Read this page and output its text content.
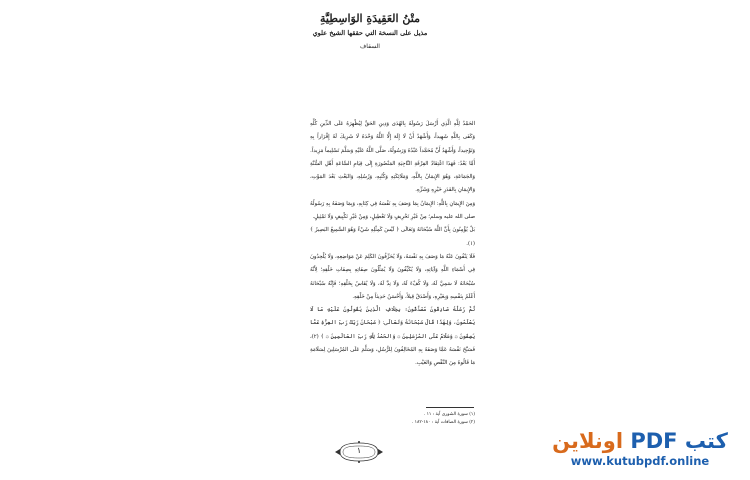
متْنُ العَقِيدَةِ الوَاسِطِيَّةِ
مذيل على النسخة التي حققها الشيخ علوي
السقاف

الحَمْدُ لِلَّهِ الَّذِي أَرْسَلَ رَسُولَهُ بِالهُدَى وَدِينِ الحَقِّ لِيُظْهِرَهُ عَلَى الدِّينِ كُلِّهِ وَكَفَى بِاللَّهِ شَهِيداً، وَأَشْهَدُ أَنْ لَا إِلَهَ إِلَّا اللَّهُ وَحْدَهُ لَا شَرِيكَ لَهُ إِقْرَاراً بِهِ وَتَوْحِيداً، وَأَشْهَدُ أَنَّ مُحَمَّداً عَبْدُهُ وَرَسُولُهُ، صَلَّى اللَّهُ عَلَيْهِ وَسَلَّمَ تَسْلِيماً مَزِيداً.

أَمَّا بَعْدُ: فَهَذَا اعْتِقَادُ الفِرْقَةِ النَّاجِيَةِ المَنْصُورَةِ إِلَى قِيَامِ السَّاعَةِ أَهْلِ السُّنَّةِ وَالجَمَاعَةِ، وَهُوَ الإِيمَانُ بِاللَّهِ، وَمَلَائِكَتِهِ وَكُتُبِهِ، وَرُسُلِهِ، وَالبَعْثِ بَعْدَ المَوْتِ، وَالإِيمَانِ بِالقَدَرِ خَيْرِهِ وَشَرِّهِ.

وَمِنَ الإِيمَانِ بِاللَّهِ: الإِيمَانُ بِمَا وَصَفَ بِهِ نَفْسَهُ فِي كِتَابِهِ، وَبِمَا وَصَفَهُ بِهِ رَسُولُهُ صلى الله عليه وسلم؛ مِنْ غَيْرِ تَحْرِيفٍ وَلَا تَعْطِيلٍ، وَمِنْ غَيْرِ تَكْيِيفٍ وَلَا تَمْثِيلٍ.

بَلْ يُؤْمِنُونَ بِأَنَّ اللَّهَ سُبْحَانَهُ وَتَعَالَى ﴿ لَيْسَ كَمِثْلِهِ شَيْءٌ وَهُوَ السَّمِيعُ البَصِيرُ ﴾ (١).

فَلَا يَنْفُونَ عَنْهُ مَا وَصَفَ بِهِ نَفْسَهُ، وَلَا يُحَرِّفُونَ الكَلِمَ عَنْ مَوَاضِعِهِ، وَلَا يُلْحِدُونَ فِي أَسْمَاءِ اللَّهِ وَآيَاتِهِ، وَلَا يُكَيِّفُونَ وَلَا يُمَثِّلُونَ صِفَاتِهِ بِصِفَاتِ خَلْقِهِ؛ لِأَنَّهُ سُبْحَانَهُ لَا سَمِيَّ لَهُ، وَلَا كُفْءَ لَهُ، وَلَا نِدَّ لَهُ، وَلَا يُقَاسُ بِخَلْقِهِ؛ فَإِنَّهُ سُبْحَانَهُ أَعْلَمُ بِنَفْسِهِ وَبِغَيْرِهِ، وَأَصْدَقُ قِيلاً، وَأَحْسَنُ حَدِيثاً مِنْ خَلْقِهِ.

ثُمَّ رُسُلُهُ صَادِقُونَ مُصَدَّقُونَ؛ بِخِلَافِ الَّذِينَ يَقُولُونَ عَلَيْهِ مَا لَا يَعْلَمُونَ، وَلِهَذَا قَالَ سُبْحَانَهُ وَتَعَالَى: ﴿ سُبْحَانَ رَبِّكَ رَبِّ العِزَّةِ عَمَّا يَصِفُونَ ۞ وَسَلَامٌ عَلَى المُرْسَلِينَ ۞ وَالحَمْدُ لِلَّهِ رَبِّ العَالَمِينَ ۞ ﴾ (٢)، فَسَبَّحَ نَفْسَهُ عَمَّا وَصَفَهُ بِهِ المُخَالِفُونَ لِلرُّسُلِ، وَسَلَّمَ عَلَى المُرْسَلِينَ لِسَلَامَةِ مَا قَالُوهُ مِنَ النَّقْصِ وَالعَيْبِ.

(١) سورة الشورى آية : ١١ .
(٢) سورة الصافات آية : ١٨٠-١٨٢ .
١	كتب PDF اونلاين
www.kutubpdf.online
